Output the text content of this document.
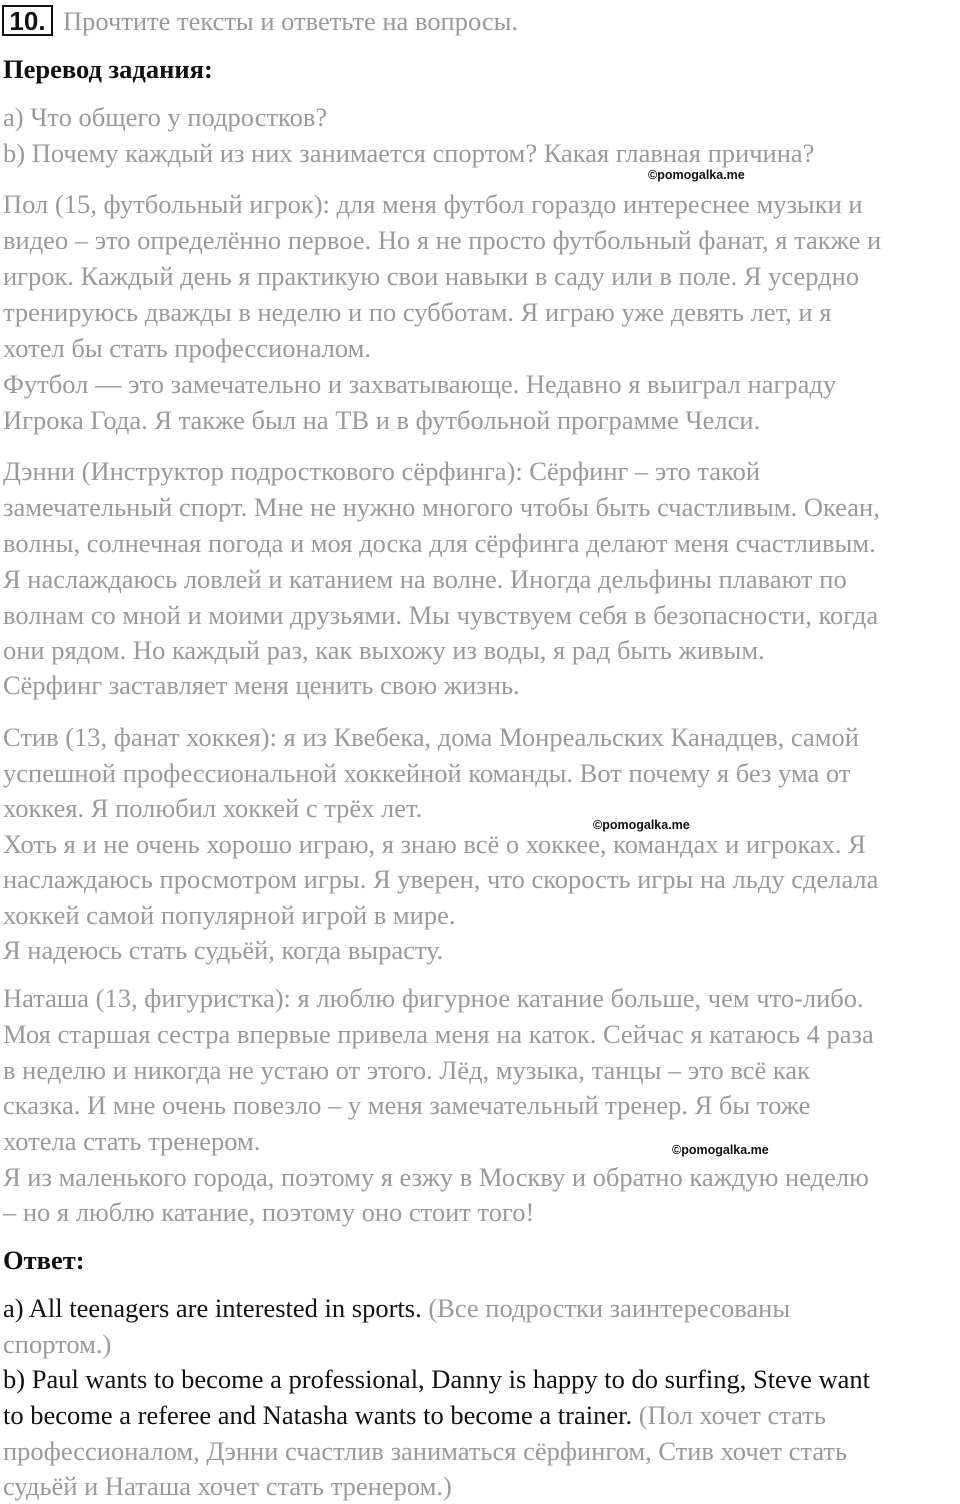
10. Прочтите тексты и ответьте на вопросы.
Перевод задания:
a) Что общего у подростков?
b) Почему каждый из них занимается спортом? Какая главная причина?
©pomogalka.me
Пол (15, футбольный игрок): для меня футбол гораздо интереснее музыки и
видео – это определённо первое. Но я не просто футбольный фанат, я также и
игрок. Каждый день я практикую свои навыки в саду или в поле. Я усердно
тренируюсь дважды в неделю и по субботам. Я играю уже девять лет, и я
хотел бы стать профессионалом.
Футбол — это замечательно и захватывающе. Недавно я выиграл награду
Игрока Года. Я также был на ТВ и в футбольной программе Челси.
Дэнни (Инструктор подросткового сёрфинга): Сёрфинг – это такой
замечательный спорт. Мне не нужно многого чтобы быть счастливым. Океан,
волны, солнечная погода и моя доска для сёрфинга делают меня счастливым.
Я наслаждаюсь ловлей и катанием на волне. Иногда дельфины плавают по
волнам со мной и моими друзьями. Мы чувствуем себя в безопасности, когда
они рядом. Но каждый раз, как выхожу из воды, я рад быть живым.
Сёрфинг заставляет меня ценить свою жизнь.
Стив (13, фанат хоккея): я из Квебека, дома Монреальских Канадцев, самой
успешной профессиональной хоккейной команды. Вот почему я без ума от
хоккея. Я полюбил хоккей с трёх лет.
©pomogalka.me
Хоть я и не очень хорошо играю, я знаю всё о хоккее, командах и игроках. Я
наслаждаюсь просмотром игры. Я уверен, что скорость игры на льду сделала
хоккей самой популярной игрой в мире.
Я надеюсь стать судьёй, когда вырасту.
Наташа (13, фигуристка): я люблю фигурное катание больше, чем что-либо.
Моя старшая сестра впервые привела меня на каток. Сейчас я катаюсь 4 раза
в неделю и никогда не устаю от этого. Лёд, музыка, танцы – это всё как
сказка. И мне очень повезло – у меня замечательный тренер. Я бы тоже
хотела стать тренером.	©pomogalka.me
Я из маленького города, поэтому я езжу в Москву и обратно каждую неделю
– но я люблю катание, поэтому оно стоит того!
Ответ:
a) All teenagers are interested in sports. (Все подростки заинтересованы
спортом.)
b) Paul wants to become a professional, Danny is happy to do surfing, Steve want
to become a referee and Natasha wants to become a trainer. (Пол хочет стать
профессионалом, Дэнни счастлив заниматься сёрфингом, Стив хочет стать
судьёй и Наташа хочет стать тренером.)
